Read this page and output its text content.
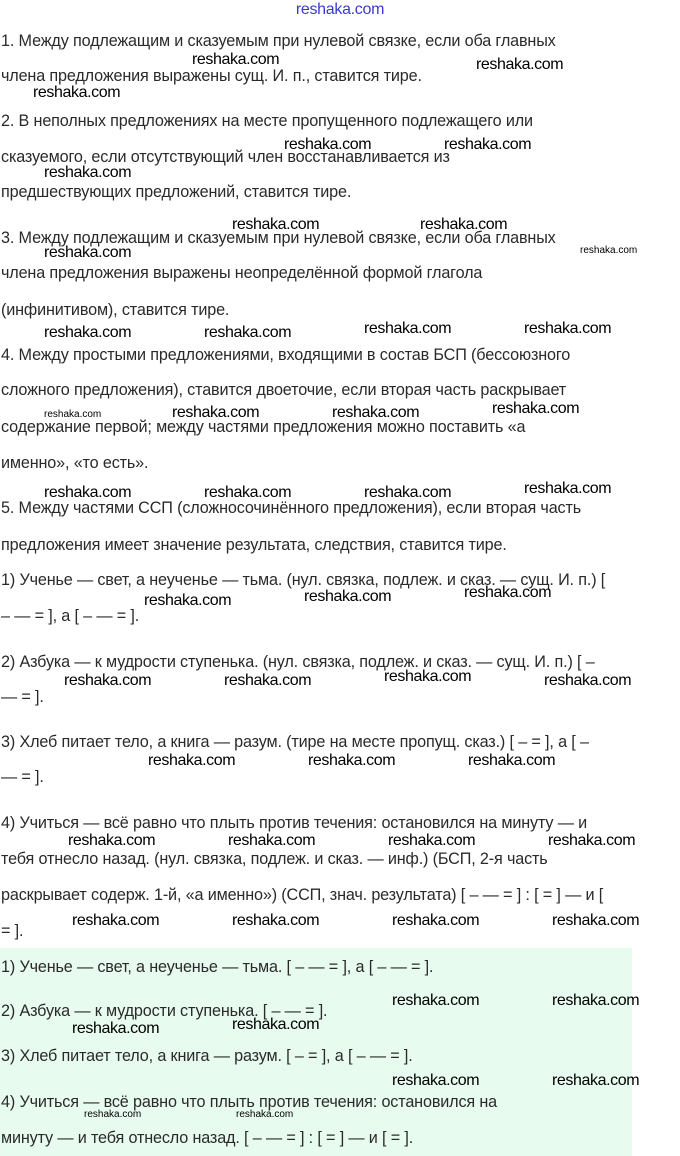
reshaka.com
1. Между подлежащим и сказуемым при нулевой связке, если оба главных
члена предложения выражены сущ. И. п., ставится тире.
2. В неполных предложениях на месте пропущенного подлежащего или
сказуемого, если отсутствующий член восстанавливается из
предшествующих предложений, ставится тире.
3. Между подлежащим и сказуемым при нулевой связке, если оба главных
члена предложения выражены неопределённой формой глагола
(инфинитивом), ставится тире.
4. Между простыми предложениями, входящими в состав БСП (бессоюзного
сложного предложения), ставится двоеточие, если вторая часть раскрывает
содержание первой; между частями предложения можно поставить «а
именно», «то есть».
5. Между частями ССП (сложносочинённого предложения), если вторая часть
предложения имеет значение результата, следствия, ставится тире.
1) Ученье — свет, а неученье — тьма. (нул. связка, подлеж. и сказ. — сущ. И. п.) [
– — = ], а [ – — = ].
2) Азбука — к мудрости ступенька. (нул. связка, подлеж. и сказ. — сущ. И. п.) [ –
— = ].
3) Хлеб питает тело, а книга — разум. (тире на месте пропущ. сказ.) [ – = ], а [ –
— = ].
4) Учиться — всё равно что плыть против течения: остановился на минуту — и
тебя отнесло назад. (нул. связка, подлеж. и сказ. — инф.) (БСП, 2-я часть
раскрывает содерж. 1-й, «а именно») (ССП, знач. результата) [ – — = ] : [ = ] — и [
= ].
1) Ученье — свет, а неученье — тьма. [ – — = ], а [ – — = ].
2) Азбука — к мудрости ступенька. [ – — = ].
3) Хлеб питает тело, а книга — разум. [ – = ], а [ – — = ].
4) Учиться — всё равно что плыть против течения: остановился на
минуту — и тебя отнесло назад. [ – — = ] : [ = ] — и [ = ].
reshaka.com	reshaka.com
reshaka.com
reshaka.com	reshaka.com
reshaka.com
reshaka.com	reshaka.com
reshaka.com
reshaka.com
reshaka.com	reshaka.com	reshaka.com	reshaka.com
reshaka.com	reshaka.com	reshaka.com	reshaka.com
reshaka.com	reshaka.com	reshaka.com	reshaka.com
reshaka.com	reshaka.com	reshaka.com
reshaka.com	reshaka.com	reshaka.com	reshaka.com
reshaka.com	reshaka.com	reshaka.com
reshaka.com	reshaka.com	reshaka.com	reshaka.com
reshaka.com	reshaka.com	reshaka.com	reshaka.com
reshaka.com	reshaka.com
reshaka.com	reshaka.com
reshaka.com	reshaka.com
reshaka.com	reshaka.com
